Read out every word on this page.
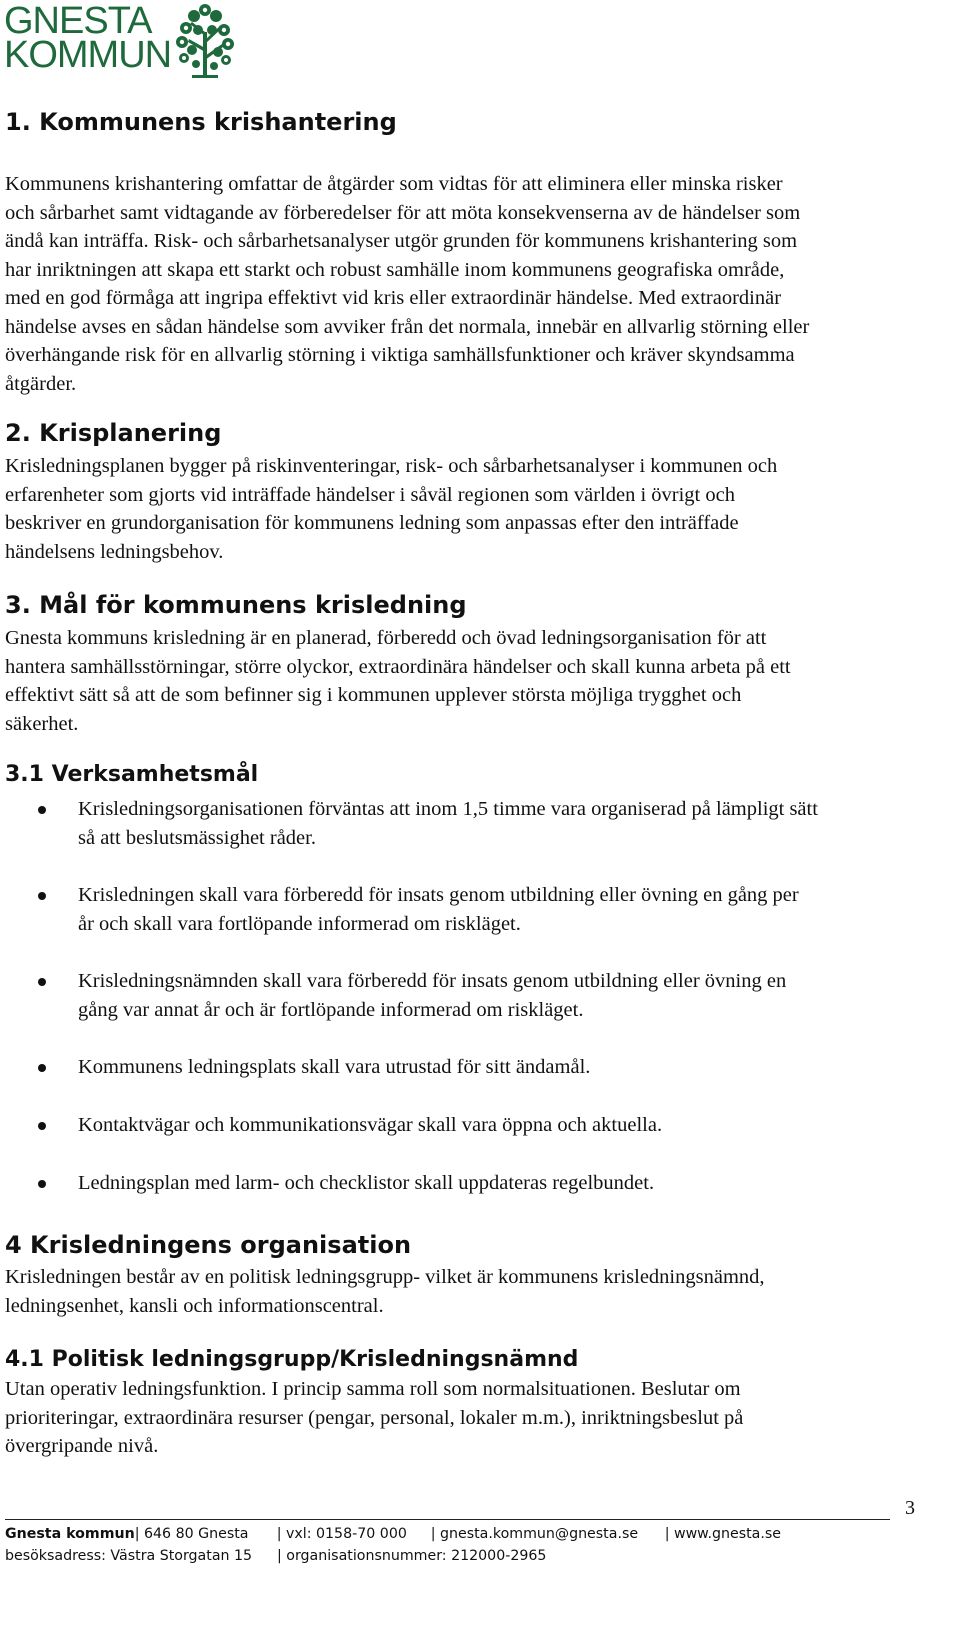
GNESTA
KOMMUN
1. Kommunens krishantering

Kommunens krishantering omfattar de åtgärder som vidtas för att eliminera eller minska risker

och sårbarhet samt vidtagande av förberedelser för att möta konsekvenserna av de händelser som

ändå kan inträffa. Risk- och sårbarhetsanalyser utgör grunden för kommunens krishantering som

har inriktningen att skapa ett starkt och robust samhälle inom kommunens geografiska område,

med en god förmåga att ingripa effektivt vid kris eller extraordinär händelse. Med extraordinär

händelse avses en sådan händelse som avviker från det normala, innebär en allvarlig störning eller

överhängande risk för en allvarlig störning i viktiga samhällsfunktioner och kräver skyndsamma

åtgärder.

2. Krisplanering

Krisledningsplanen bygger på riskinventeringar, risk- och sårbarhetsanalyser i kommunen och

erfarenheter som gjorts vid inträffade händelser i såväl regionen som världen i övrigt och

beskriver en grundorganisation för kommunens ledning som anpassas efter den inträffade

händelsens ledningsbehov.

3. Mål för kommunens krisledning

Gnesta kommuns krisledning är en planerad, förberedd och övad ledningsorganisation för att

hantera samhällsstörningar, större olyckor, extraordinära händelser och skall kunna arbeta på ett

effektivt sätt så att de som befinner sig i kommunen upplever största möjliga trygghet och

säkerhet.

3.1 Verksamhetsmål

Krisledningsorganisationen förväntas att inom 1,5 timme vara organiserad på lämpligt sätt

så att beslutsmässighet råder.

Krisledningen skall vara förberedd för insats genom utbildning eller övning en gång per

år och skall vara fortlöpande informerad om riskläget.

Krisledningsnämnden skall vara förberedd för insats genom utbildning eller övning en

gång var annat år och är fortlöpande informerad om riskläget.

Kommunens ledningsplats skall vara utrustad för sitt ändamål.

Kontaktvägar och kommunikationsvägar skall vara öppna och aktuella.

Ledningsplan med larm- och checklistor skall uppdateras regelbundet.

4 Krisledningens organisation

Krisledningen består av en politisk ledningsgrupp- vilket är kommunens krisledningsnämnd,

ledningsenhet, kansli och informationscentral.

4.1 Politisk ledningsgrupp/Krisledningsnämnd

Utan operativ ledningsfunktion. I princip samma roll som normalsituationen. Beslutar om

prioriteringar, extraordinära resurser (pengar, personal, lokaler m.m.), inriktningsbeslut på

övergripande nivå.

3
Gnesta kommun| 646 80 Gnesta | vxl: 0158-70 000 | gnesta.kommun@gnesta.se | www.gnesta.se
besöksadress: Västra Storgatan 15 | organisationsnummer: 212000-2965
